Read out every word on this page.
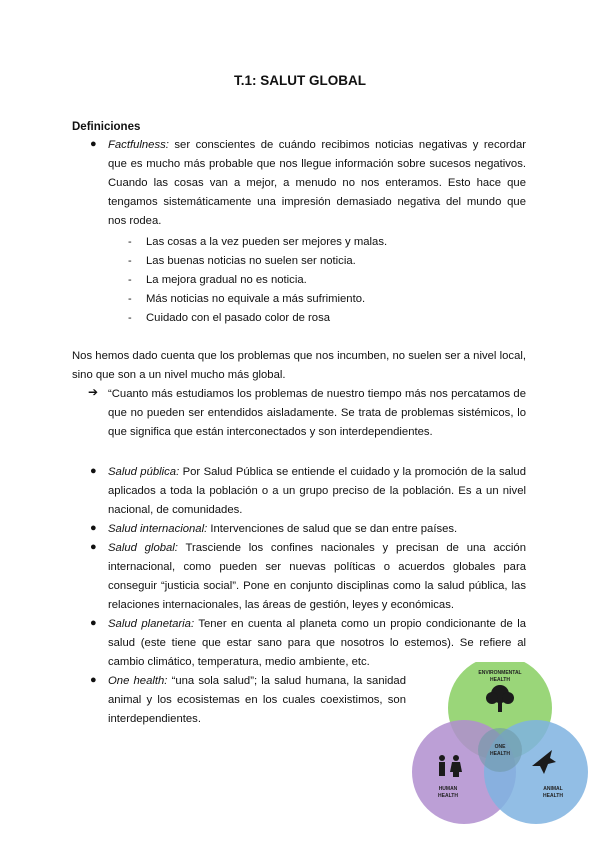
T.1: SALUT GLOBAL
Definiciones
● Factfulness: ser conscientes de cuándo recibimos noticias negativas y recordar que es mucho más probable que nos llegue información sobre sucesos negativos. Cuando las cosas van a mejor, a menudo no nos enteramos. Esto hace que tengamos sistemáticamente una impresión demasiado negativa del mundo que nos rodea.
- Las cosas a la vez pueden ser mejores y malas.
- Las buenas noticias no suelen ser noticia.
- La mejora gradual no es noticia.
- Más noticias no equivale a más sufrimiento.
- Cuidado con el pasado color de rosa
Nos hemos dado cuenta que los problemas que nos incumben, no suelen ser a nivel local, sino que son a un nivel mucho más global.
➔ “Cuanto más estudiamos los problemas de nuestro tiempo más nos percatamos de que no pueden ser entendidos aisladamente. Se trata de problemas sistémicos, lo que significa que están interconectados y son interdependientes.
● Salud pública: Por Salud Pública se entiende el cuidado y la promoción de la salud aplicados a toda la población o a un grupo preciso de la población. Es a un nivel nacional, de comunidades.
● Salud internacional: Intervenciones de salud que se dan entre países.
● Salud global: Trasciende los confines nacionales y precisan de una acción internacional, como pueden ser nuevas políticas o acuerdos globales para conseguir “justicia social”. Pone en conjunto disciplinas como la salud pública, las relaciones internacionales, las áreas de gestión, leyes y económicas.
● Salud planetaria: Tener en cuenta al planeta como un propio condicionante de la salud (este tiene que estar sano para que nosotros lo estemos). Se refiere al cambio climático, temperatura, medio ambiente, etc.
● One health: “una sola salud”; la salud humana, la sanidad animal y los ecosistemas en los cuales coexistimos, son interdependientes.
ENVIRONMENTAL
HEALTH
HUMAN
HEALTH
ANIMAL
HEALTH
ONE
HEALTH
